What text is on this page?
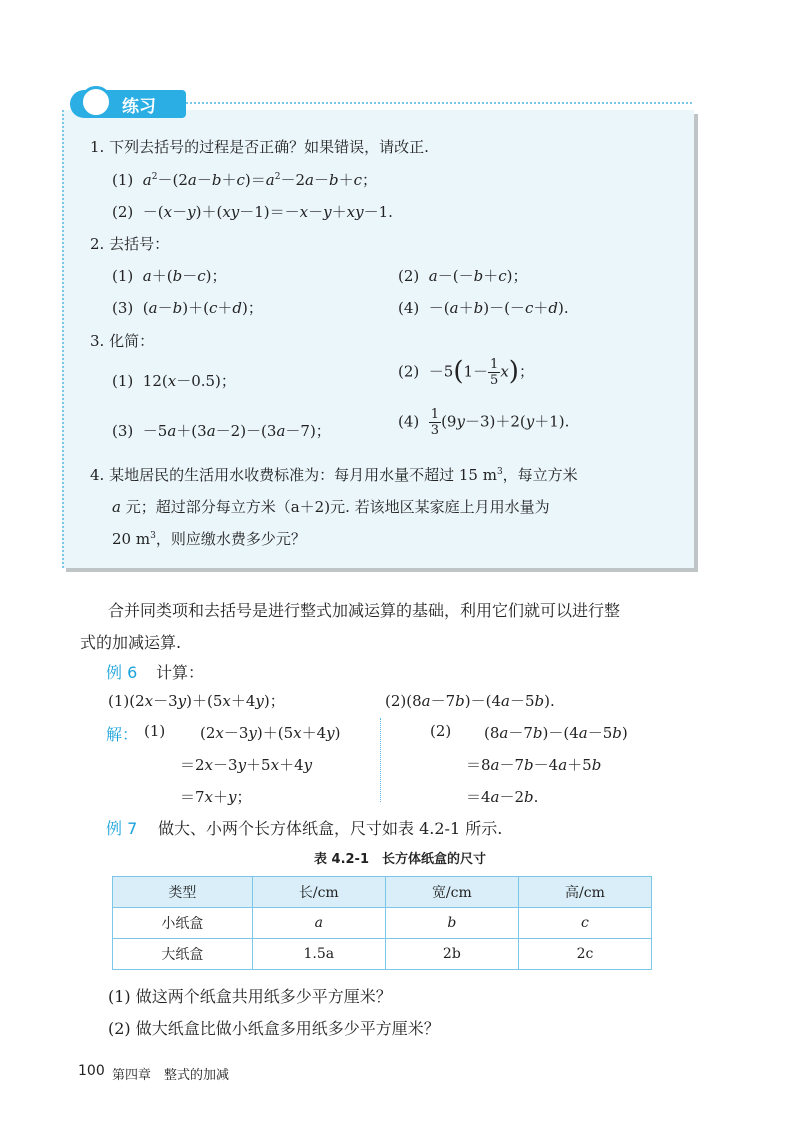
练习
1. 下列去括号的过程是否正确？如果错误，请改正.
(1) $a^2-(2a-b+c)=a^2-2a-b+c$；
(2)  －(x－y)＋(xy－1)＝－x－y＋xy－1.
2. 去括号：
(1) a＋(b－c)；	(2) a－(－b＋c)；
(3)  (a－b)＋(c＋d)；	(4)  －(a＋b)－(－c＋d).
3. 化简：
(1)  12(x－0.5)；
$(2) -5(1- \frac{1}{5} x)$；
(3)  －5a＋(3a－2)－(3a－7)；
$(4) \frac{1}{3} (9y-3)+2(y+1)$.
4. 某地居民的生活用水收费标准为：每月用水量不超过 15 $m^3$，每立方米
a 元；超过部分每立方米（a＋2)元. 若该地区某家庭上月用水量为
20 $m^3$，则应缴水费多少元？
合并同类项和去括号是进行整式加减运算的基础，利用它们就可以进行整
式的加减运算.
例 6 计算：
(1)(2x－3y)＋(5x＋4y)；	(2)(8a－7b)－(4a－5b).
解： (1) (2x－3y)＋(5x＋4y)
＝2x－3y＋5x＋4y
＝7x＋y；
(2) (8a－7b)－(4a－5b)
＝8a－7b－4a＋5b
＝4a－2b.
例 7 做大、小两个长方体纸盒，尺寸如表 4.2-1 所示.
表 4.2-1　长方体纸盒的尺寸
类型	长/cm	宽/cm	高/cm
小纸盒	a	b	c
大纸盒	1.5a	2b	2c
(1) 做这两个纸盒共用纸多少平方厘米？
(2) 做大纸盒比做小纸盒多用纸多少平方厘米？
100 第四章　整式的加减
